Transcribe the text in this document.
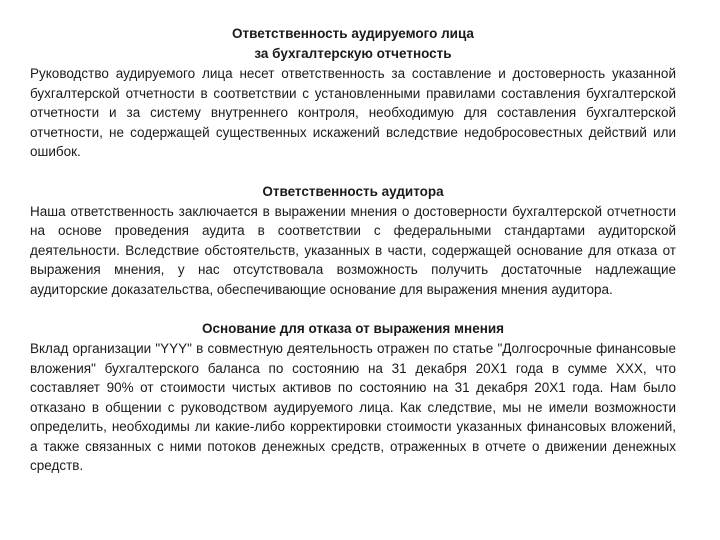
Ответственность аудируемого лица
за бухгалтерскую отчетность

Руководство аудируемого лица несет ответственность за составление и достоверность указанной бухгалтерской отчетности в соответствии с установленными правилами составления бухгалтерской отчетности и за систему внутреннего контроля, необходимую для составления бухгалтерской отчетности, не содержащей существенных искажений вследствие недобросовестных действий или ошибок.

Ответственность аудитора

Наша ответственность заключается в выражении мнения о достоверности бухгалтерской отчетности на основе проведения аудита в соответствии с федеральными стандартами аудиторской деятельности. Вследствие обстоятельств, указанных в части, содержащей основание для отказа от выражения мнения, у нас отсутствовала возможность получить достаточные надлежащие аудиторские доказательства, обеспечивающие основание для выражения мнения аудитора.

Основание для отказа от выражения мнения

Вклад организации "YYY" в совместную деятельность отражен по статье "Долгосрочные финансовые вложения" бухгалтерского баланса по состоянию на 31 декабря 20Х1 года в сумме ХХХ, что составляет 90% от стоимости чистых активов по состоянию на 31 декабря 20Х1 года. Нам было отказано в общении с руководством аудируемого лица. Как следствие, мы не имели возможности определить, необходимы ли какие-либо корректировки стоимости указанных финансовых вложений, а также связанных с ними потоков денежных средств, отраженных в отчете о движении денежных средств.
